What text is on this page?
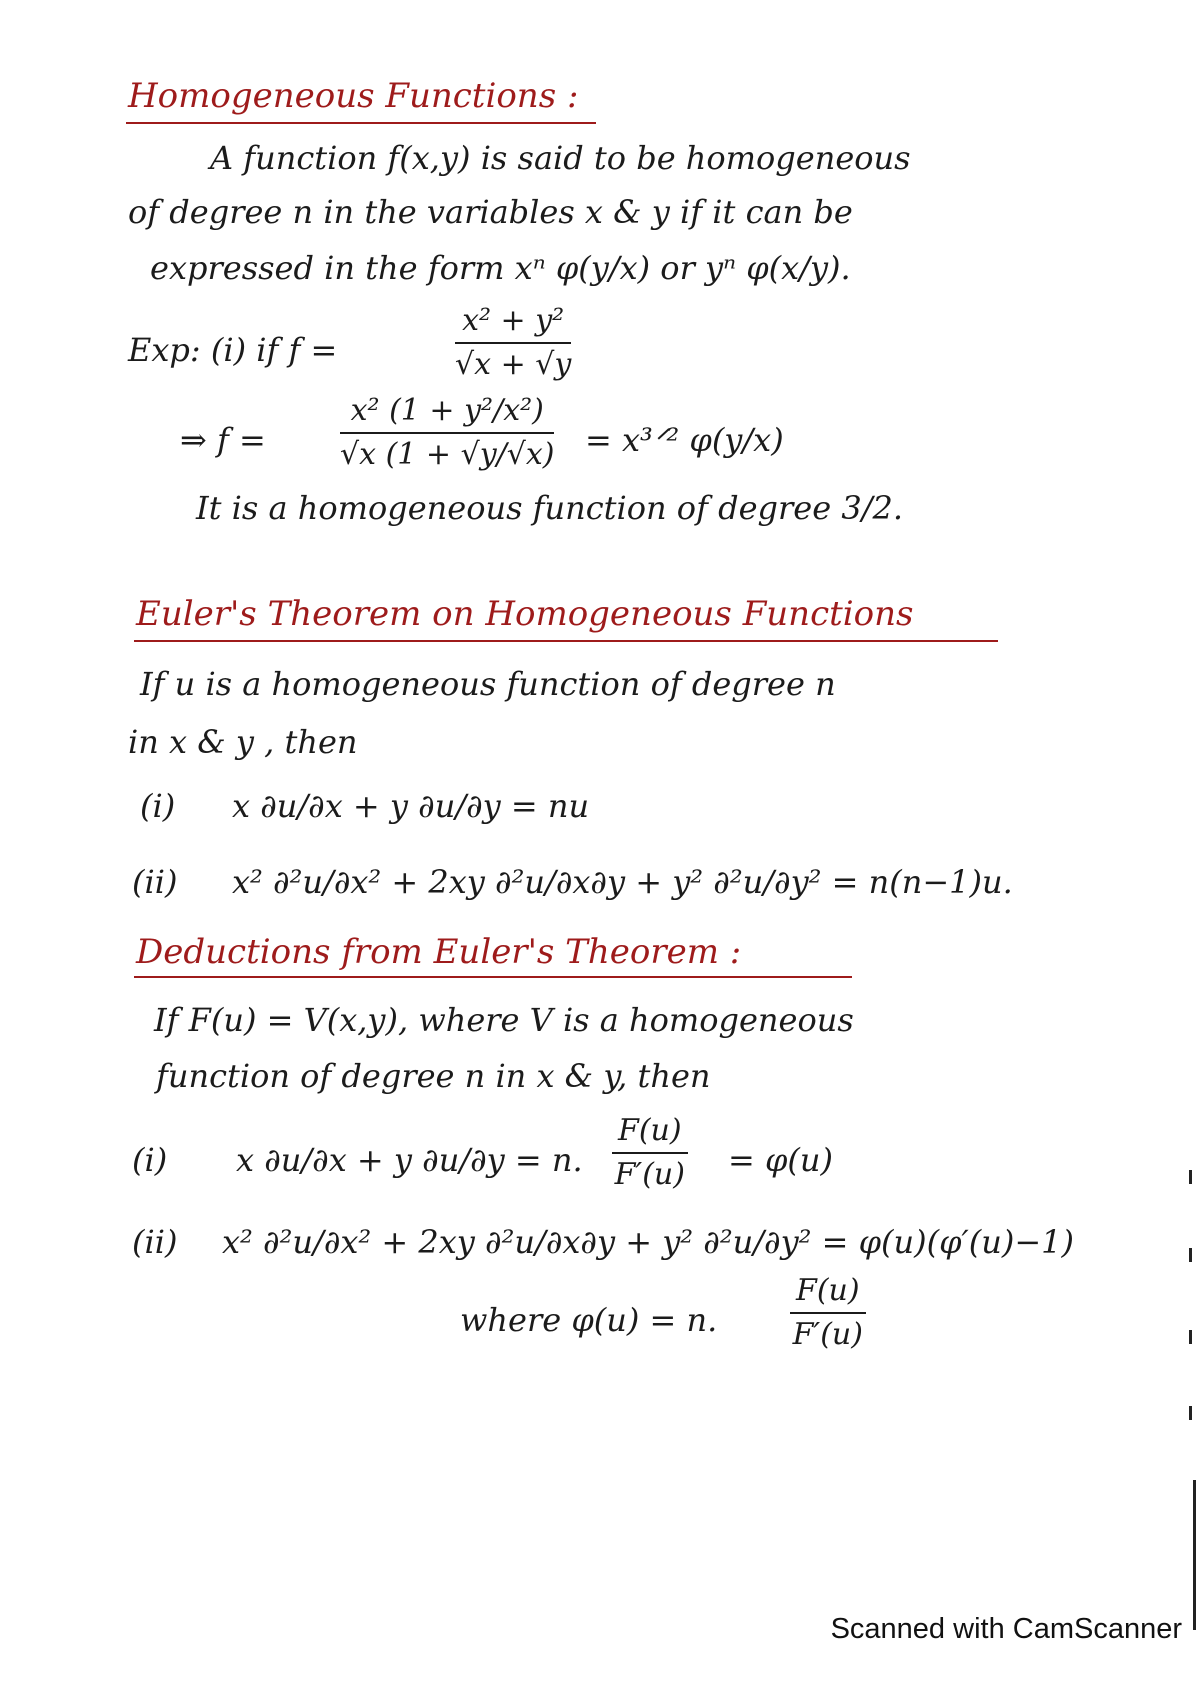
Homogeneous Functions :
A function f(x,y) is said to be homogeneous
of degree n in the variables x & y if it can be
expressed in the form xⁿ φ(y/x) or yⁿ φ(x/y).
Exp: (i) if f =	$\frac{\text{x² + y²}}{√x + √y}$
⇒ $f = \frac{\text{x² (1 + y²/x²)}}{√x (1 + √y/√x)}$ = x³ᐟ² φ(y/x)
It is a homogeneous function of degree 3/2.
Euler's Theorem on Homogeneous Functions
If u is a homogeneous function of degree n
in x & y , then
(i) x ∂u/∂x + y ∂u/∂y = nu
(ii) x² ∂²u/∂x² + 2xy ∂²u/∂x∂y + y² ∂²u/∂y² = n(n−1)u.
Deductions from Euler's Theorem :
If F(u) = V(x,y), where V is a homogeneous
function of degree n in x & y, then
(i) x ∂u/∂x + y ∂u/∂y = n. $\frac{F(u)}{F'(u)} = \varphi(u)$
(ii) x² ∂²u/∂x² + 2xy ∂²u/∂x∂y + y² ∂²u/∂y² = φ(u)(φ′(u)−1)
where φ(u) = n. $\frac{F(u)}{F'(u)}$
Scanned with CamScanner
